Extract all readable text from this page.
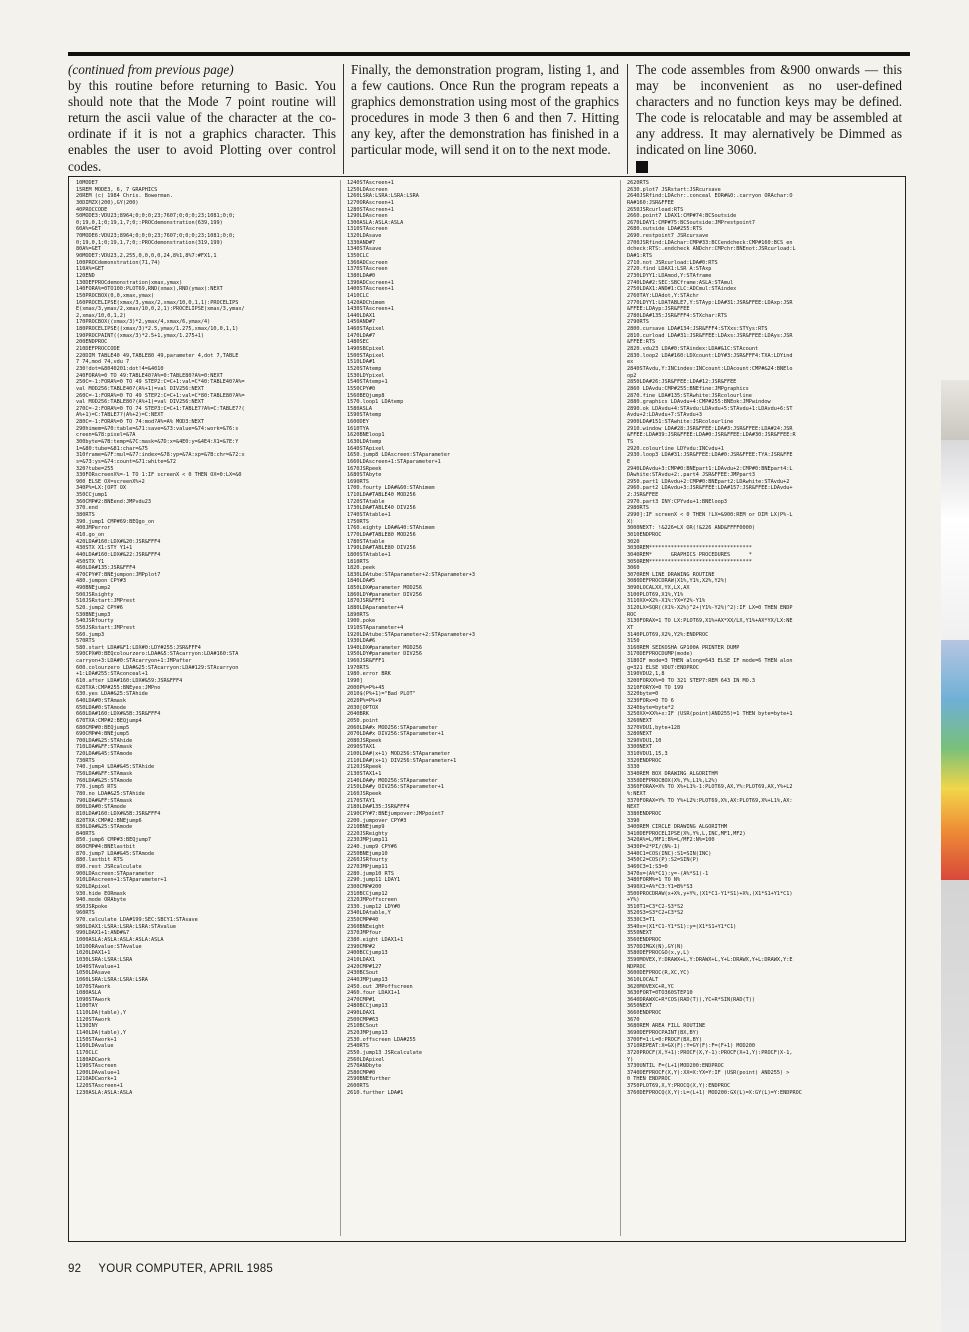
(continued from previous page)

by this routine before returning to Basic. You should note that the Mode 7 point routine will return the ascii value of the character at the co-ordinate if it is not a graphics character. This enables the user to avoid Plotting over control codes.

Finally, the demonstration program, listing 1, and a few cautions. Once Run the program repeats a graphics demonstration using most of the graphics procedures in mode 3 then 6 and then 7. Hitting any key, after the demonstration has finished in a particular mode, will send it on to the next mode.

The code assembles from &900 onwards — this may be inconvenient as no user-defined characters and no function keys may be defined. The code is relocatable and may be assembled at any address. It may alernatively be Dimmed as indicated on line 3060.

10MODE7
15REM MODE3, 6, 7 GRAPHICS
20REM (c) 1984 Chris. Bowerman.
30DIMZX(200),GY(200)
40PROCCODE
50MODE3:VDU23;8964;0;0;0;23;7607;0;0;0;23;1081;0;0;
0;19,0,1;0;19,1,7;0;:PROCdemonstration(639,199)
60A%=GET
70MODE6:VDU23;8964;0;0;0;23;7607;0;0;0;23;1081;0;0;
0;19,0,1;0;19,1,7;0;:PROCdemonstration(319,199)
80A%=GET
90MODE7:VDU23,2,255,0,0,0,0,24,8%1,8%7:#FX1,1
100PROCdemonstration(71,74)
110A%=GET
120END
130DEFPROCdemonstration(xmax,ymax)
140FORA%=0TO100:PLOT69,RND(xmax),RND(ymax):NEXT
150PROCBOX(0,0,xmax,ymax)
160PROCELIPSE(xmax/3,ymax/2,xmax/10,0,1,1):PROCELIPS
E(xmax/3,ymax/2,xmax/10,0,2,1):PROCELIPSE(xmax/3,ymax/
2,xmax/10,0,1,2)
170PROCBOX((xmax/3)*2,ymax/4,xmax/6,ymax/4)
180PROCELIPSE((xmax/3)*2.5,ymax/1.275,xmax/10,0,1,1)
190PROCPAINT((xmax/3)*2.5+1,ymax/1.275+1)
200ENDPROC
210DEFPROCCODE
220DIM TABLE40 49,TABLE80 49,parameter 4,dot 7,TABLE
7 74,mod 74,vdu 7
230!dot=&8040201:dot!4=&4010
240FORA%=0 TO 49:TABLE40?A%=0:TABLE80?A%=0:NEXT
250C=-1:FORA%=0 TO 49 STEP2:C=C+1:val=C*40:TABLE40?A%=
val MOD256:TABLE40?(A%+1)=val DIV256:NEXT
260C=-1:FORA%=0 TO 49 STEP2:C=C+1:val=C*80:TABLE80?A%=
val MOD256:TABLE80?(A%+1)=val DIV256:NEXT
270C=-2:FORA%=0 TO 74 STEP3:C=C+1:TABLE7?A%=C:TABLE7?(
A%+1)=C:TABLE7?(A%+2)=C:NEXT
280C=-1:FORA%=0 TO 74:mod?A%=A% MOD3:NEXT
290himem=&70:table=&71:save=&73:value=&74:work=&76:s
creen=&78:pixel=&7A
300byte=&7B:temp=&7C:mask=&7D:x=&4E0:y=&4E4:X1=&7E:Y
1=&80:tube=&81:char=&75
310frame=&7F:mul=&77:index=&78:yp=&7A:xp=&7B:chr=&72:x
s=&73:ys=&74:count=&71:white=&72
320?tube=255
330FORscreenX%=-1 TO 1:IF screenX < 0 THEN OX=0:LX=&0
900 ELSE OX=screenX%+2
340P%=LX:[OPT OX
350CCjump1
360CMP#2:BNEend:JMPvdu23
370.end
380RTS
390.jump1 CMP#69:BEQgo_on
400JMPerror
410.go_on
420LDA#160:LDX#&20:JSR&FFF4
430STX X1:STY Y1+1
440LDA#160:LDX#&22:JSR&FFF4
450STX Y1
460LDA#135:JSR&FFF4
470CPY#7:BNEjumpon:JMPplot7
480.jumpon CPY#3
490BNEjump2
500JSRsighty
510JSRstart:JMPrest
520.jump2 CPY#6
530BNEjump3
540JSRfourty
550JSRstart:JMPrest
560.jump3
570RTS
580.start LDA#&F1:LDX#0:LDY#255:JSR&FFF4
590CPX#0:BEQcolourzero:LDA#&5:STAcarryon:LDA#160:STA
carryon+3:LDA#0:STAcarryon+1:JMPafter
600.colourzero LDA#&25:STAcarryon:LDA#129:STAcarryon
+1:LDA#255:STAconceal+1
610.after LDA#160:LDX#&59:JSR&FFF4
620TXA:CMP#255:BNEyes:JMPno
630.yes LDA#&25:STAhide
640LDA#0:STAmask
650LDA#0:STAmode
660LDA#160:LDX#&5B:JSR&FFF4
670TXA:CMP#2:BEQjump4
680CMP#0:BEQjump5
690CMP#4:BNEjump5
700LDA#&25:STAhide
710LDA#&FF:STAmask
720LDA#&45:STAmode
730RTS
740.jump4 LDA#&45:STAhide
750LDA#&FF:STAmask
760LDA#&25:STAmode
770.jump5 RTS
780.no LDA#&25:STAhide
790LDA#&FF:STAmask
800LDA#0:STAmode
810LDA#160:LDX#&5B:JSR&FFF4
820TXA:CMP#2:BNEjump6
830LDA#&25:STAmode
840RTS
850.jump6 CMP#3:BEQjump7
860CMP#4:BNElastbit
870.jump7 LDA#&45:STAmode
880.lastbit RTS
890.rest JSRcalculate
900LDAscreen:STAparameter
910LDAscreen+1:STAparameter+1
920LDApixel
930.hide EORmask
940.mode ORAbyte
950JSRpoke
960RTS
970.calculate LDA#199:SEC:SBCY1:STAsave
980LDAX1:LSRA:LSRA:LSRA:STAvalue
990LDAX1+1:AND#&7
1000ASLA:ASLA:ASLA:ASLA:ASLA
1010ORAvalue:STAvalue
1020LDAX1+1
1030LSRA:LSRA:LSRA
1040STAvalue+1
1050LDAsave
1060LSRA:LSRA:LSRA:LSRA
1070STAwork
1080ASLA
1090STAwork
1100TAY
1110LDA(table),Y
1120STAwork
1130INY
1140LDA(table),Y
1150STAwork+1
1160LDAvalue
1170CLC
1180ADCwork
1190STAscreen
1200LDAvalue+1
1210ADCwork+1
1220STAscreen+1
1230ASLA:ASLA:ASLA
1240STAscreen+1
1250LDAscreen
1260LSRA:LSRA:LSRA:LSRA
1270ORAscreen+1
1280STAscreen+1
1290LDAscreen
1300ASLA:ASLA:ASLA
1310STAscreen
1320LDAsave
1330AND#7
1340STAsave
1350CLC
1360ADCscreen
1370STAscreen
1380LDA#0
1390ADCscreen+1
1400STAscreen+1
1410CLC
1420ADChimem
1430STAscreen+1
1440LDAX1
1450AND#7
1460STApixel
1470LDA#7
1480SEC
1490SBCpixel
1500STApixel
1510LDA#1
1520STAtemp
1530LDYpixel
1540STAtemp+1
1550CPY#0
1560BEQjump8
1570.loop1 LDAtemp
1580ASLA
1590STAtemp
1600DEY
1610TYA
1620BNEloop1
1630LDAtemp
1640STApixel
1650.jump8 LDAscreen:STAparameter
1660LDAscreen+1:STAparameter+1
1670JSRpeek
1680STAbyte
1690RTS
1700.fourty LDA#&60:STAhimem
1710LDA#TABLE40 MOD256
1720STAtable
1730LDA#TABLE40 DIV256
1740STAtable+1
1750RTS
1760.eighty LDA#&40:STAhimem
1770LDA#TABLE80 MOD256
1780STAtable
1790LDA#TABLE80 DIV256
1800STAtable+1
1810RTS
1820.peek
1830LDAtube:STAparameter+2:STAparameter+3
1840LDA#5
1850LDX#parameter MOD256
1860LDY#parameter DIV256
1870JSR&FFF1
1880LDAparameter+4
1890RTS
1900.poke
1910STAparameter+4
1920LDAtube:STAparameter+2:STAparameter+3
1930LDA#6
1940LDX#parameter MOD256
1950LDY#parameter DIV256
1960JSR&FFF1
1970RTS
1980.error BRK
1990]
2000P%=P%+45
2010$(P%+1)="Bad PLOT"
2020P%=P%+9
2030[OPTOX
2040BRK
2050.point
2060LDA#x MOD256:STAparameter
2070LDA#x DIV256:STAparameter+1
2080JSRpeek
2090STAX1
2100LDA#(x+1) MOD256:STAparameter
2110LDA#(x+1) DIV256:STAparameter+1
2120JSRpeek
2130STAX1+1
2140LDA#y MOD256:STAparameter
2150LDA#y DIV256:STAparameter+1
2160JSRpeek
2170STAY1
2180LDA#135:JSR&FFF4
2190CPY#7:BNEjumpover:JMPpoint7
2200.jumpover CPY#3
2210BNEjump9
2220JSReighty
2230JMPjump11
2240.jump9 CPY#6
2250BNEjump10
2260JSRfourty
2270JMPjump11
2280.jump10 RTS
2290.jump11 LDAY1
2300CMP#200
2310BCCjump12
2320JMPoffscreen
2330.jump12 LDY#0
2340LDAtable,Y
2350CMP#40
2360BNEeight
2370JMPfour
2380.eight LDAX1+1
2390CMP#2
2400BCCjump13
2410LDAX1
2420CMP#127
2430BCSout
2440JMPjump13
2450.out JMPoffscreen
2460.four LDAX1+1
2470CMP#1
2480BCCjump13
2490LDAX1
2500CMP#63
2510BCSout
2520JMPjump13
2530.offscreen LDA#255
2540RTS
2550.jump13 JSRcalculate
2560LDApixel
2570ANDbyte
2580CMP#0
2590BNEfurther
2600RTS
2610.further LDA#1
2620RTS
2630.plot7 JSRstart:JSRcursave
2640JSRfind:LDAchr:.conceal EOR#&0:.carryon ORAchar:O
RA#160:JSR&FFEE
2650JSRcurload:RTS
2660.point7 LDAX1:CMP#74:BCSoutside
2670LDAY1:CMP#75:BCSoutside:JMPrestpoint7
2680.outside LDA#255:RTS
2690.restpoint7 JSRcursave
2700JSRfind:LDAchar:CMP#33:BCCendcheck:CMP#160:BCS en
dcheck:RTS:.endcheck ANDchr:CMPchr:BNEnot:JSRcurload:L
DA#1:RTS
2710.not JSRcurload:LDA#0:RTS
2720.find LDAX1:LSR A:STAxp
2730LDYY1:LDAmod,Y:STAframe
2740LDA#2:SEC:SBCframe:ASLA:STAmul
2750LDAX1:AND#1:CLC:ADCmul:STAindex
2760TAY:LDAdot,Y:STAchr
2770LDYY1:LDATABLE7,Y:STAyp:LDA#31:JSR&FFEE:LDAxp:JSR
&FFEE:LDAyp:JSR&FFEE
2780LDA#135:JSR&FFF4:STXchar:RTS
2790RTS
2800.cursave LDA#134:JSR&FFF4:STXxs:STYys:RTS
2810.curload LDA#31:JSR&FFEE:LDAxs:JSR&FFEE:LDAys:JSR
&FFEE:RTS
2820.vdu23 LDA#0:STAindex:LDA#&1C:STAcount
2830.loop2 LDA#160:LDXcount:LDY#3:JSR&FFF4:TXA:LDYind
ex
2840STAvdu,Y:INCindex:INCcount:LDAcount:CMP#&24:BNElo
op2
2850LDA#26:JSR&FFEE:LDA#12:JSR&FFEE
2860 LDAvdu:CMP#255:BNEfine:JMPgraphics
2870.fine LDA#135:STAwhite:JSRcolourline
2880.graphics LDAvdu+4:CMP#255:BNEok:JMPwindow
2890.ok LDAvdu+4:STAvdu:LDAvdu+5:STAvdu+1:LDAvdu+6:ST
Avdu+2:LDAvdu+7:STAvdu+3
2900LDA#151:STAwhite:JSRcolourline
2910.window LDA#28:JSR&FFEE:LDA#3:JSR&FFEE:LDA#24:JSR
&FFEE:LDA#39:JSR&FFEE:LDA#0:JSR&FFEE:LDA#30:JSR&FFEE:R
TS
2920.colourline LDYvdu:INCvdu+1
2930.loop3 LDA#31:JSR&FFEE:LDA#0:JSR&FFEE:TYA:JSR&FFE
E
2940LDAvdu+3:CMP#0:BNEpart1:LDAvdu+2:CMP#0:BNEpart4:L
DAwhite:STAvdu+2:.part4 JSR&FFEE:JMPpart3
2950.part1 LDAvdu+2:CMP#0:BNEpart2:LDAwhite:STAvdu+2
2960.part2 LDAvdu+3:JSR&FFEE:LDA#157:JSR&FFEE:LDAvdu+
2:JSR&FFEE
2970.part3 INY:CPYvdu+1:BNEloop3
2980RTS
2990]:IF screenX < 0 THEN !LX=&900:REM or DIM LX(P%-L
X)
3000NEXT: !&226=LX OR(!&226 AND&FFFF0000)
3010ENDPROC
3020
3030REM*********************************
3040REM*      GRAPHICS PROCEDURES      *
3050REM*********************************
3060
3070REM LINE DRAWING ROUTINE
3080DEFPROCDRAW(X1%,Y1%,X2%,Y2%)
3090LOCALXX,YX,LX,AX
3100PLOT69,X1%,Y1%
3110XX=X2%-X1%:YX=Y2%-Y1%
3120LX=SQR((X1%-X2%)^2+(Y1%-Y2%)^2):IF LX=0 THEN ENDP
ROC
3130FORAX=1 TO LX:PLOT69,X1%+AX*XX/LX,Y1%+AX*YX/LX:NE
XT
3140PLOT69,X2%,Y2%:ENDPROC
3150
3160REM SEIKOSHA GP100A PRINTER DUMP
3170DEFPROCDUMP(mode)
3180IF mode=3 THEN along=643 ELSE IF mode=6 THEN alon
g=321 ELSE VDU7:ENDPROC
3190VDU2,1,8
3200FORXX%=0 TO 321 STEP7:REM 643 IN MO.3
3210FORYX=0 TO 199
3220byte=0
3230FORx=0 TO 6
3240byte=byte*2
3250XX=XX%+x:IF (USR(point)AND255)=1 THEN byte=byte+1
3260NEXT
3270VDU1,byte+128
3280NEXT
3290VDU1,10
3300NEXT
3310VDU1,15,3
3320ENDPROC
3330
3340REM BOX DRAWING ALGORITHM
3350DEFPROCBOX(X%,Y%,L1%,L2%)
3360FORAX=X% TO X%+L1%-1:PLOT69,AX,Y%:PLOT69,AX,Y%+L2
%:NEXT
3370FORAX=Y% TO Y%+L2%:PLOT69,X%,AX:PLOT69,X%+L1%,AX:
NEXT
3380ENDPROC
3390
3400REM CIRCLE DRAWING ALGORITHM
3410DEFPROCELIPSE(X%,Y%,L,INC,MF1,MF2)
3420A%=L/MF1:B%=L/MF2:N%=100
3430P=2*PI/(N%-1)
3440C1=COS(INC):S1=SIN(INC)
3450C2=COS(P):S2=SIN(P)
3460C3=1:S3=0
3470x=(A%*C1):y=-(A%*S1)-1
3480FORM%=1 TO N%
3490X1=A%*C3:Y1=B%*S3
3500PROCDRAW(x+X%,y+Y%,(X1*C1-Y1*S1)+X%,(X1*S1+Y1*C1)
+Y%)
3510T1=C3*C2-S3*S2
3520S3=S3*C2+C3*S2
3530C3=T1
3540x=(X1*C1-Y1*S1):y=(X1*S1+Y1*C1)
3550NEXT
3560ENDPROC
3570DIMGX(N),GY(N)
3580DEFPROCGO(x,y,L)
3590MOVEX,Y:DRAWX+L,Y:DRAWX+L,Y+L:DRAWX,Y+L:DRAWX,Y:E
NDPROC
3600DEFPROC(R,XC,YC)
3610LOCALT
3620MOVEXC+R,YC
3630FORT=0TO360STEP10
3640DRAWXC+R*COS(RAD(T)),YC+R*SIN(RAD(T))
3650NEXT
3660ENDPROC
3670
3680REM AREA FILL ROUTINE
3690DEFPROCPAINT(BX,BY)
3700F=1:L=0:PROCF(BX,BY)
3710REPEAT:X=GX(F):Y=GY(F):F=(F+1) MOD200
3720PROCF(X,Y+1):PROCF(X,Y-1):PROCF(X+1,Y):PROCF(X-1,
Y)
3730UNTIL F=(L+1)MOD200:ENDPROC
3740DEFPROCF(X,Y):XX=X:YX=Y:IF (USR(point) AND255) >
0 THEN ENDPROC
3750PLOT69,X,Y:PROCQ(X,Y):ENDPROC
3760DEFPROCQ(X,Y):L=(L+1) MOD200:GX(L)=X:GY(L)=Y:ENDPROC
92 YOUR COMPUTER, APRIL 1985
